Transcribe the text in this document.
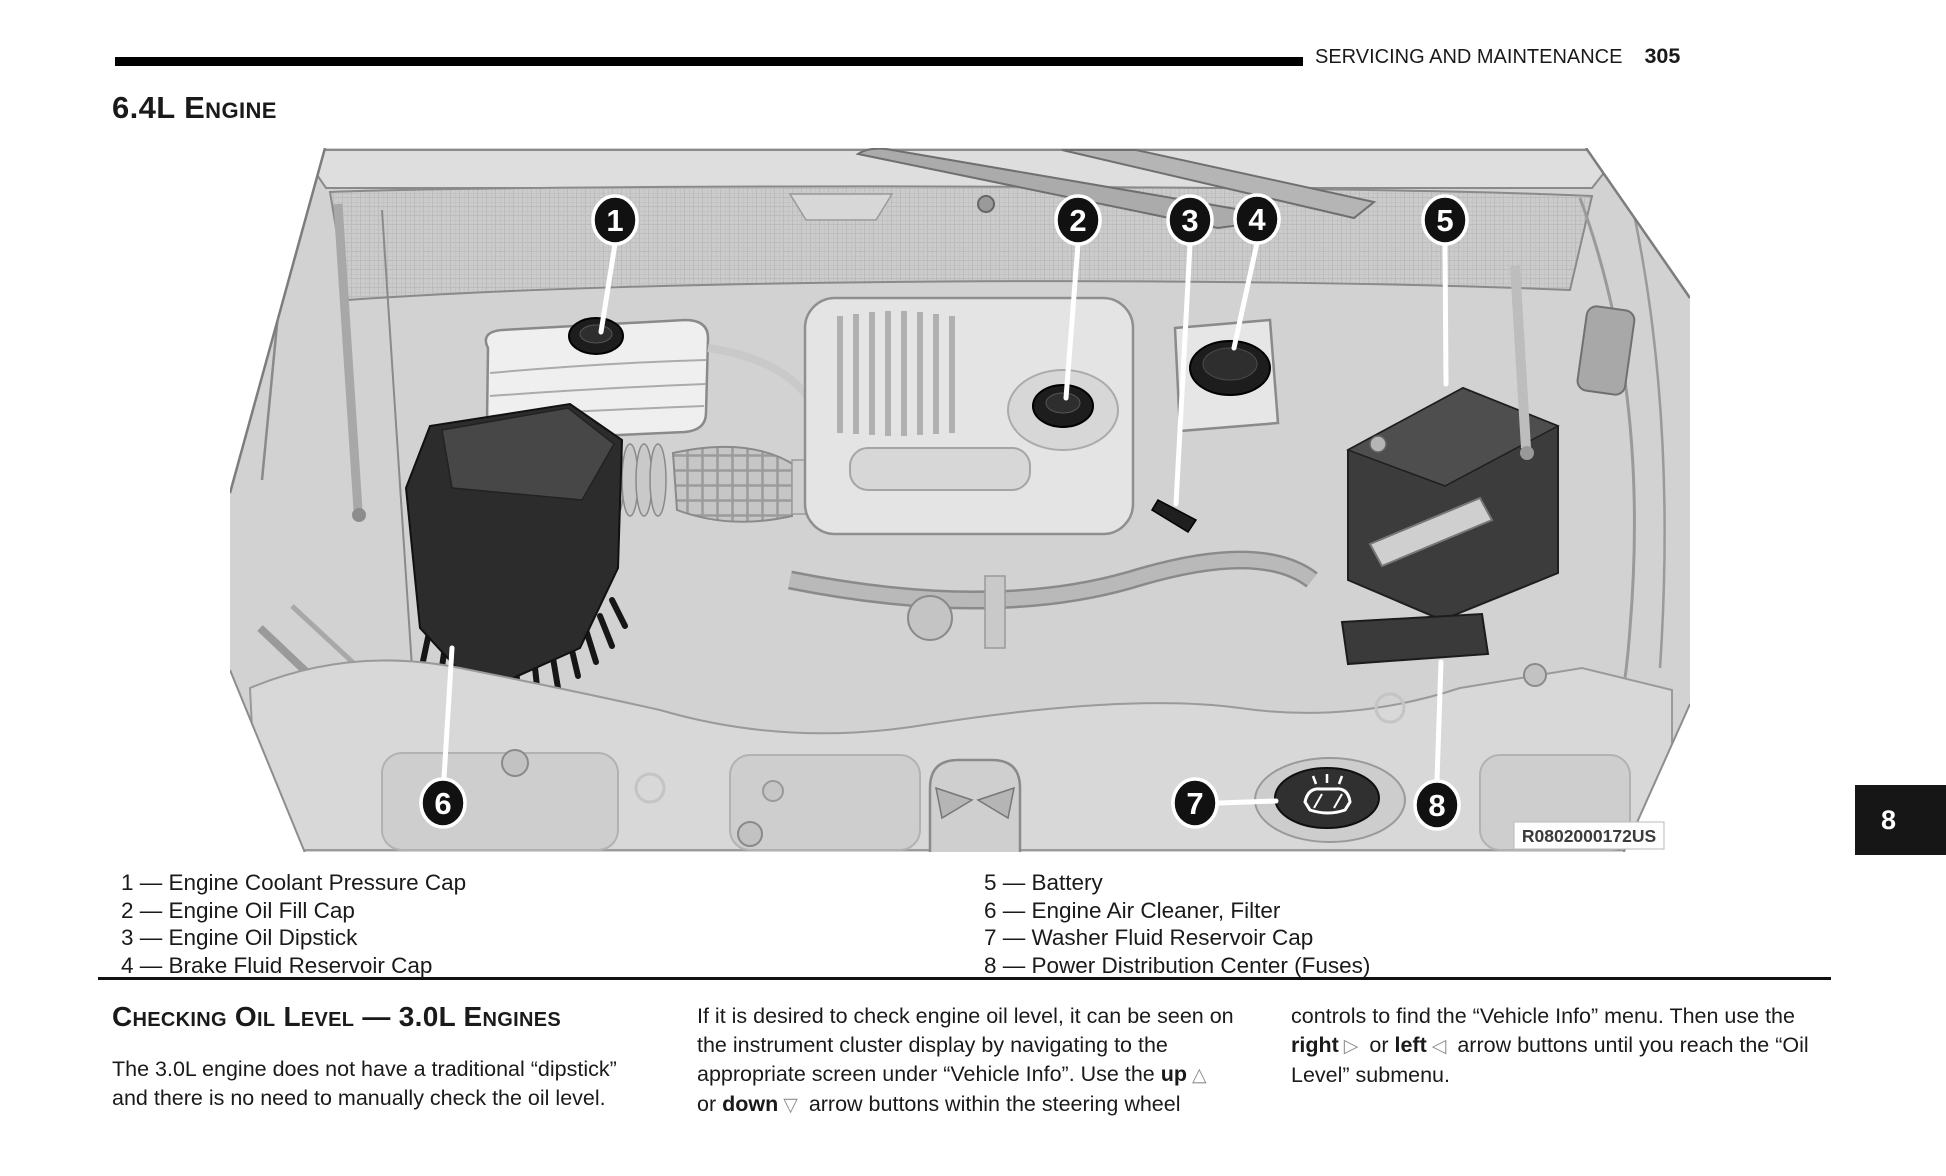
SERVICING AND MAINTENANCE 305
6.4L Engine
1	2	3 4	5
6	7	8
R0802000172US
8
1 — Engine Coolant Pressure Cap
2 — Engine Oil Fill Cap
3 — Engine Oil Dipstick
4 — Brake Fluid Reservoir Cap
5 — Battery
6 — Engine Air Cleaner, Filter
7 — Washer Fluid Reservoir Cap
8 — Power Distribution Center (Fuses)
Checking Oil Level — 3.0L Engines

The 3.0L engine does not have a traditional “dipstick” and there is no need to manually check the oil level.

If it is desired to check engine oil level, it can be seen on the instrument cluster display by navigating to the appropriate screen under “Vehicle Info”. Use the up △ or down ▽ arrow buttons within the steering wheel

controls to find the “Vehicle Info” menu. Then use the right ▷ or left ◁ arrow buttons until you reach the “Oil Level” submenu.
